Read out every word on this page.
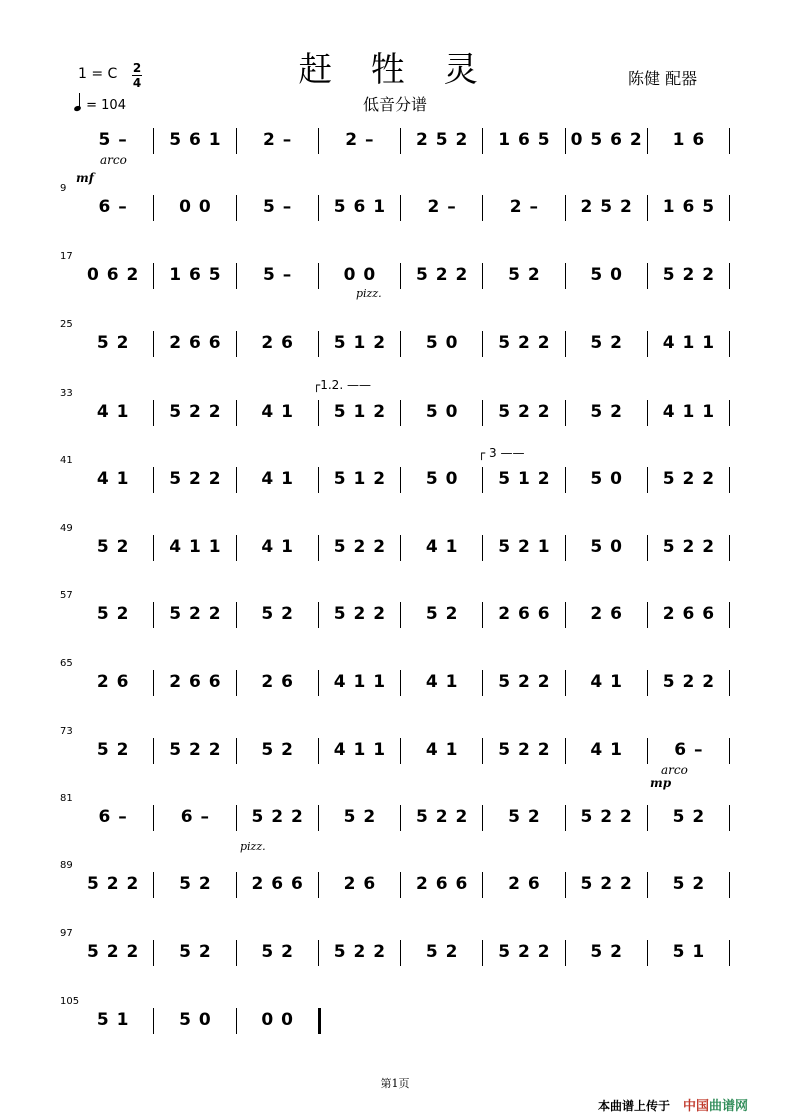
赶 牲 灵
低音分谱
陈健 配器
1 = C 2
4
= 104
5 – 5 6 1 2 –	2 – 2 5 2 1 6 5 0 5 6 2 1 6
9
6 –	0 0	5 – 5 6 1 2 –	2 – 2 5 2 1 6 5
17
0 6 2 1 6 5 5 –	0 0 5 2 2 5 2	5 0 5 2 2
25
5 2 2 6 6 2 6 5 1 2 5 0 5 2 2 5 2 4 1 1
33
4 1 5 2 2 4 1 5 1 2 5 0 5 2 2 5 2 4 1 1
41
4 1 5 2 2 4 1 5 1 2 5 0 5 1 2 5 0 5 2 2
49
5 2 4 1 1 4 1 5 2 2 4 1 5 2 1 5 0 5 2 2
57
5 2 5 2 2 5 2 5 2 2 5 2 2 6 6 2 6 2 6 6
65
2 6 2 6 6 2 6 4 1 1 4 1 5 2 2 4 1 5 2 2
73
5 2 5 2 2 5 2 4 1 1 4 1 5 2 2 4 1	6 –
81
6 –	6 – 5 2 2 5 2 5 2 2 5 2 5 2 2 5 2
89
5 2 2 5 2 2 6 6 2 6 2 6 6 2 6 5 2 2 5 2
97
5 2 2 5 2	5 2 5 2 2 5 2 5 2 2 5 2	5 1
105
5 1	5 0	0 0
arco
mf
pizz.
┌1.2. ——
┌ 3 ——
arco
mp
pizz.
第1页
本曲谱上传于 中国曲谱网
